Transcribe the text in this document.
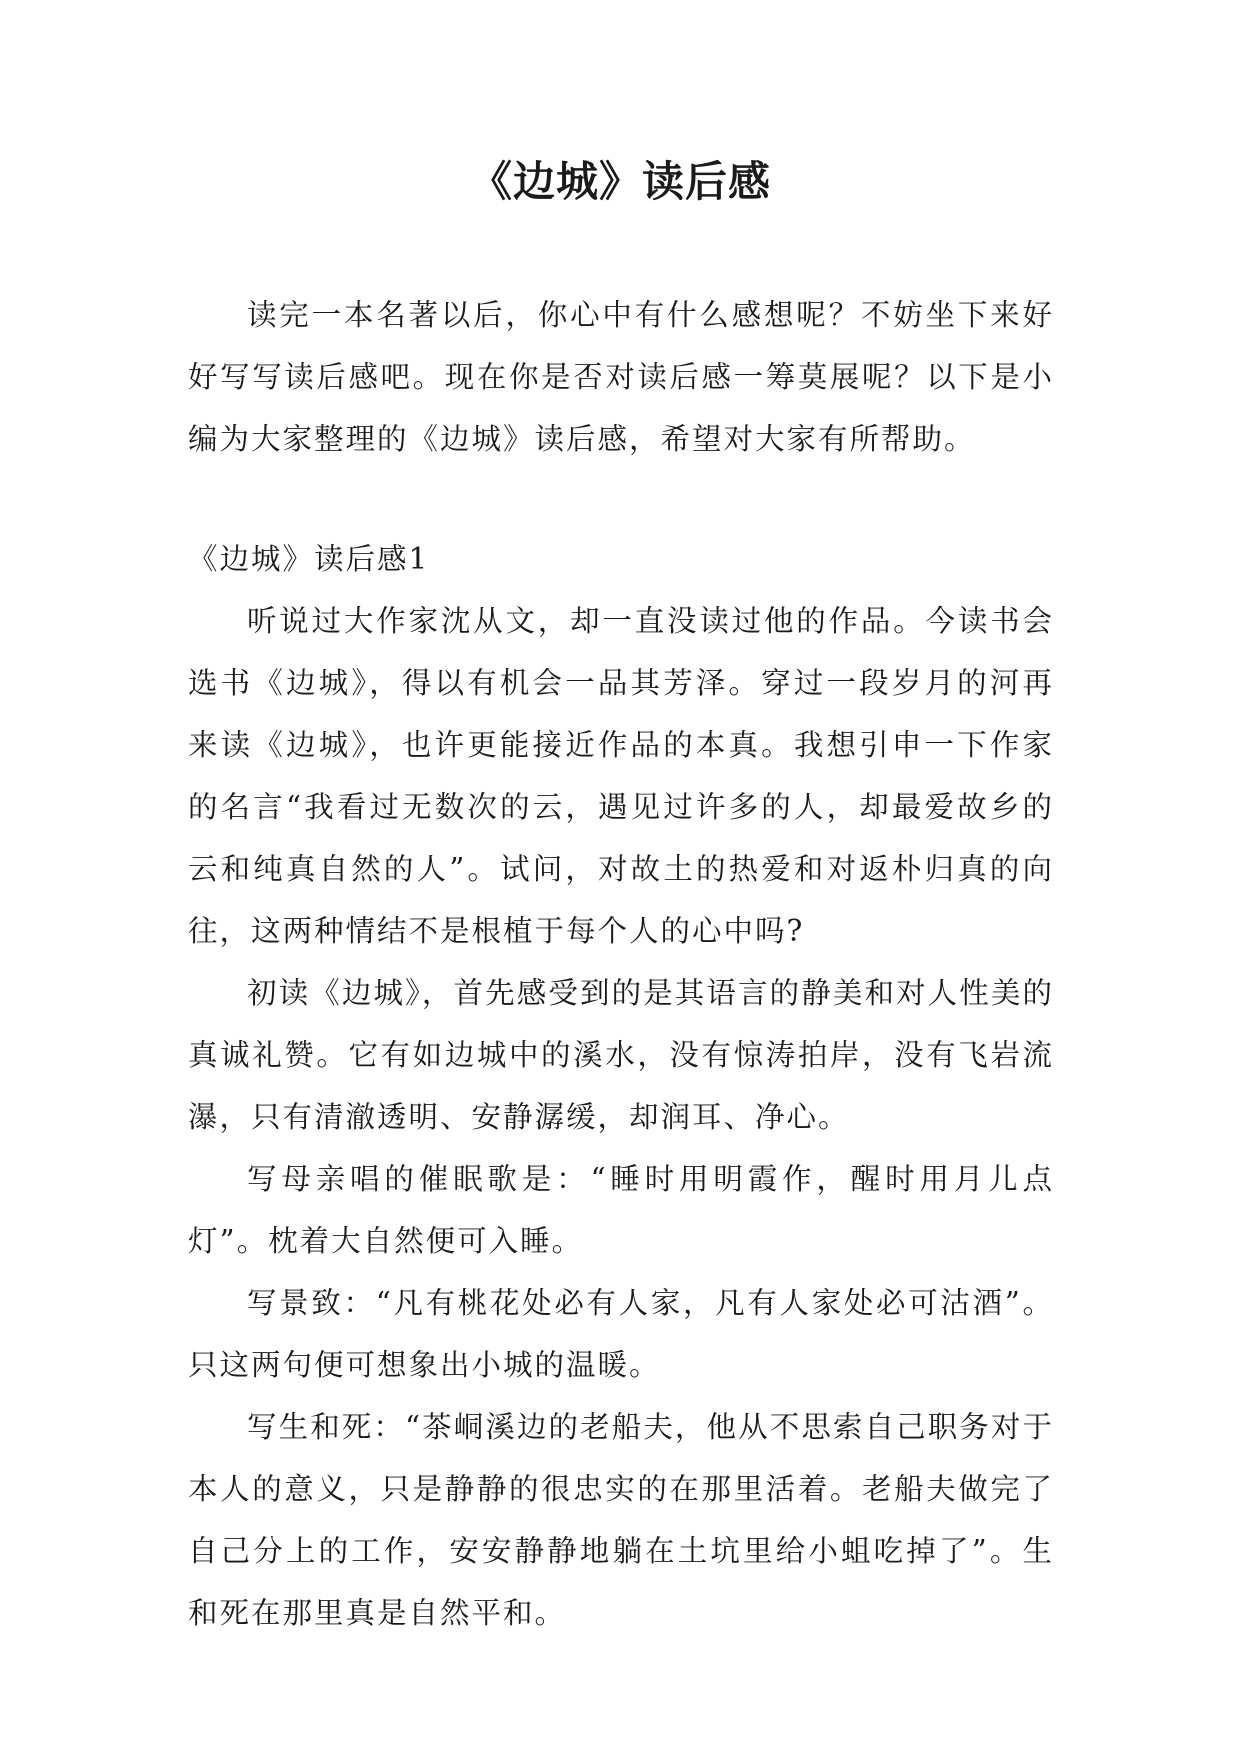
《边城》读后感

读完一本名著以后，你心中有什么感想呢？不妨坐下来好好写写读后感吧。现在你是否对读后感一筹莫展呢？以下是小编为大家整理的《边城》读后感，希望对大家有所帮助。

《边城》读后感1

听说过大作家沈从文，却一直没读过他的作品。今读书会选书《边城》，得以有机会一品其芳泽。穿过一段岁月的河再来读《边城》，也许更能接近作品的本真。我想引申一下作家的名言“我看过无数次的云，遇见过许多的人，却最爱故乡的云和纯真自然的人”。试问，对故土的热爱和对返朴归真的向往，这两种情结不是根植于每个人的心中吗?

初读《边城》，首先感受到的是其语言的静美和对人性美的真诚礼赞。它有如边城中的溪水，没有惊涛拍岸，没有飞岩流瀑，只有清澈透明、安静潺缓，却润耳、净心。

写母亲唱的催眠歌是：“睡时用明霞作，醒时用月儿点灯”。枕着大自然便可入睡。

写景致：“凡有桃花处必有人家，凡有人家处必可沽酒”。只这两句便可想象出小城的温暖。

写生和死：“茶峒溪边的老船夫，他从不思索自己职务对于本人的意义，只是静静的很忠实的在那里活着。老船夫做完了自己分上的工作，安安静静地躺在土坑里给小蛆吃掉了”。生和死在那里真是自然平和。
